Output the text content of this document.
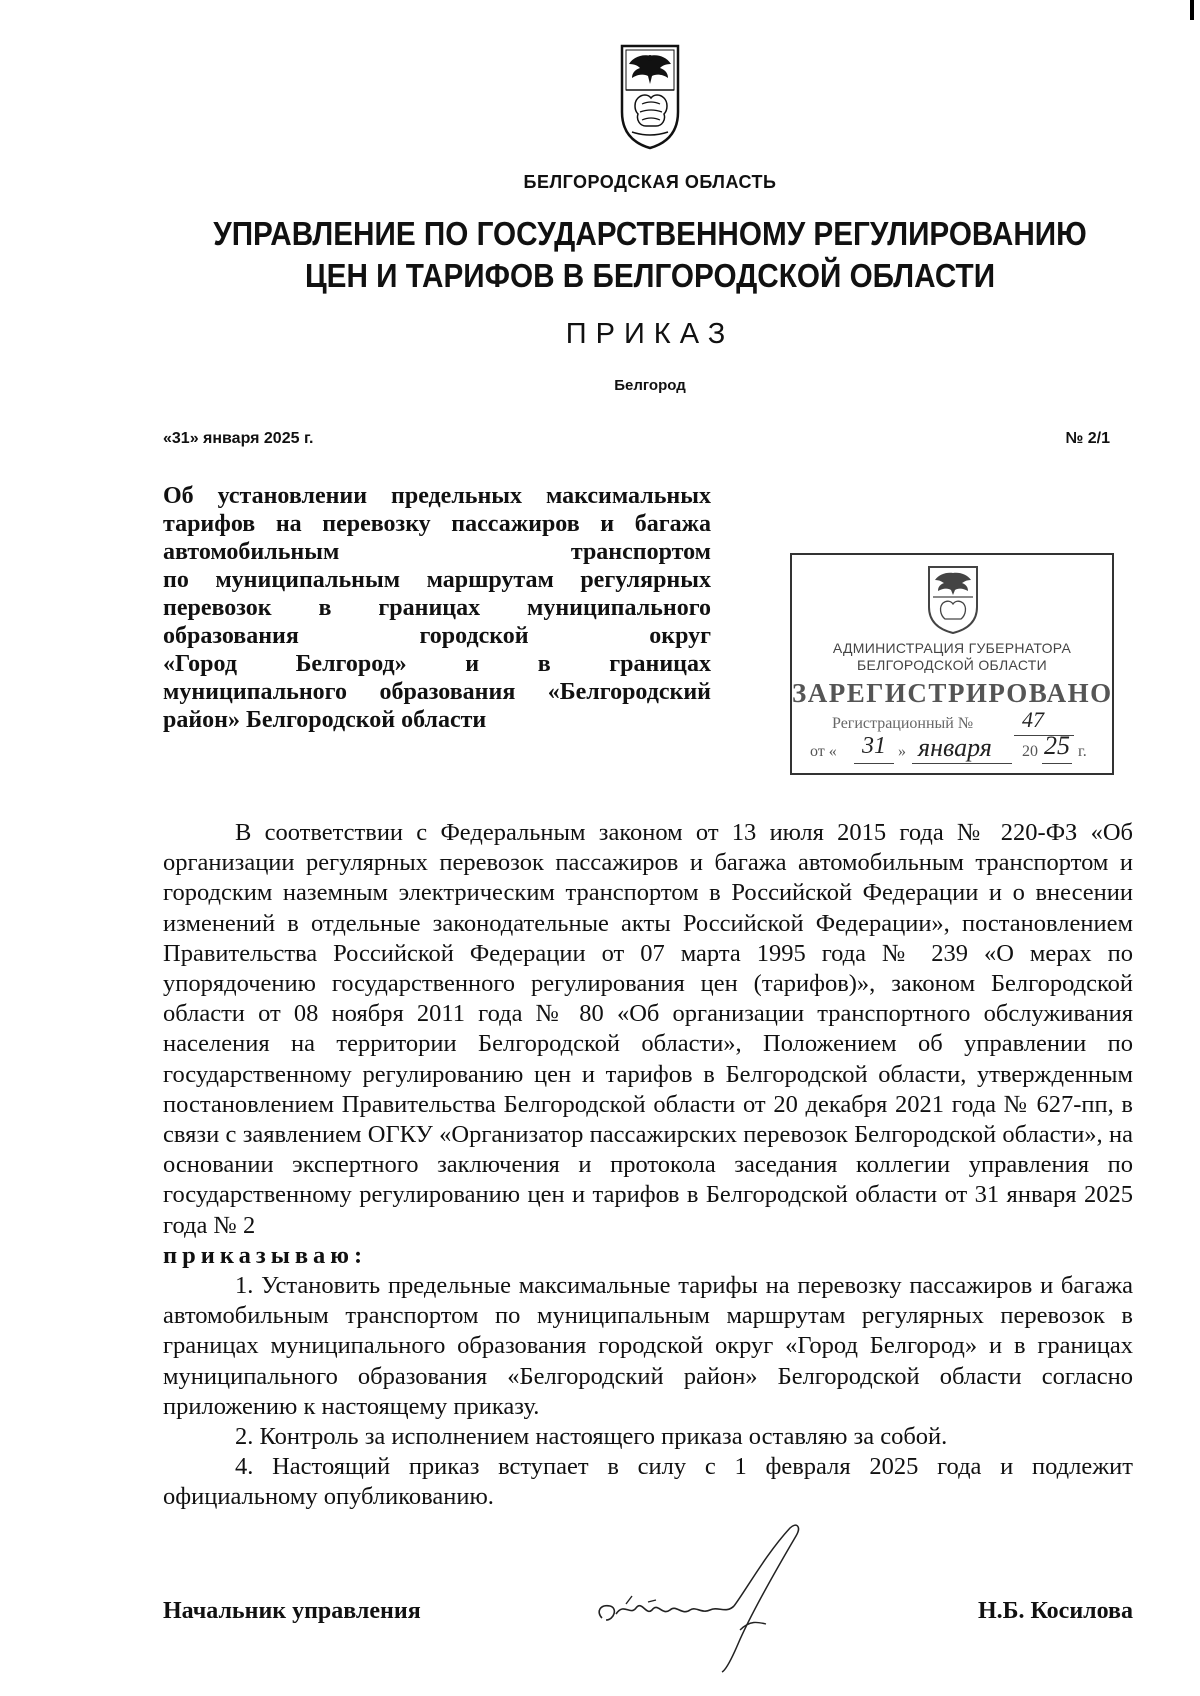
БЕЛГОРОДСКАЯ ОБЛАСТЬ
УПРАВЛЕНИЕ ПО ГОСУДАРСТВЕННОМУ РЕГУЛИРОВАНИЮ
ЦЕН И ТАРИФОВ В БЕЛГОРОДСКОЙ ОБЛАСТИ
ПРИКАЗ
Белгород
«31» января 2025 г.	№ 2/1
Об установлении предельных максимальных
тарифов на перевозку пассажиров и багажа
автомобильным транспортом
по муниципальным маршрутам регулярных
перевозок в границах муниципального
образования городской округ
«Город Белгород» и в границах
муниципального образования «Белгородский
район» Белгородской области
АДМИНИСТРАЦИЯ ГУБЕРНАТОРА
БЕЛГОРОДСКОЙ ОБЛАСТИ
ЗАРЕГИСТРИРОВАНО
Регистрационный № 47
от « 31 » января 20 25 г.

В соответствии с Федеральным законом от 13 июля 2015 года № 220-ФЗ «Об организации регулярных перевозок пассажиров и багажа автомобильным транспортом и городским наземным электрическим транспортом в Российской Федерации и о внесении изменений в отдельные законодательные акты Российской Федерации», постановлением Правительства Российской Федерации от 07 марта 1995 года № 239 «О мерах по упорядочению государственного регулирования цен (тарифов)», законом Белгородской области от 08 ноября 2011 года № 80 «Об организации транспортного обслуживания населения на территории Белгородской области», Положением об управлении по государственному регулированию цен и тарифов в Белгородской области, утвержденным постановлением Правительства Белгородской области от 20 декабря 2021 года № 627-пп, в связи с заявлением ОГКУ «Организатор пассажирских перевозок Белгородской области», на основании экспертного заключения и протокола заседания коллегии управления по государственному регулированию цен и тарифов в Белгородской области от 31 января 2025 года № 2

приказываю:

1. Установить предельные максимальные тарифы на перевозку пассажиров и багажа автомобильным транспортом по муниципальным маршрутам регулярных перевозок в границах муниципального образования городской округ «Город Белгород» и в границах муниципального образования «Белгородский район» Белгородской области согласно приложению к настоящему приказу.

2. Контроль за исполнением настоящего приказа оставляю за собой.

4. Настоящий приказ вступает в силу с 1 февраля 2025 года и подлежит официальному опубликованию.

Начальник управления	Н.Б. Косилова
